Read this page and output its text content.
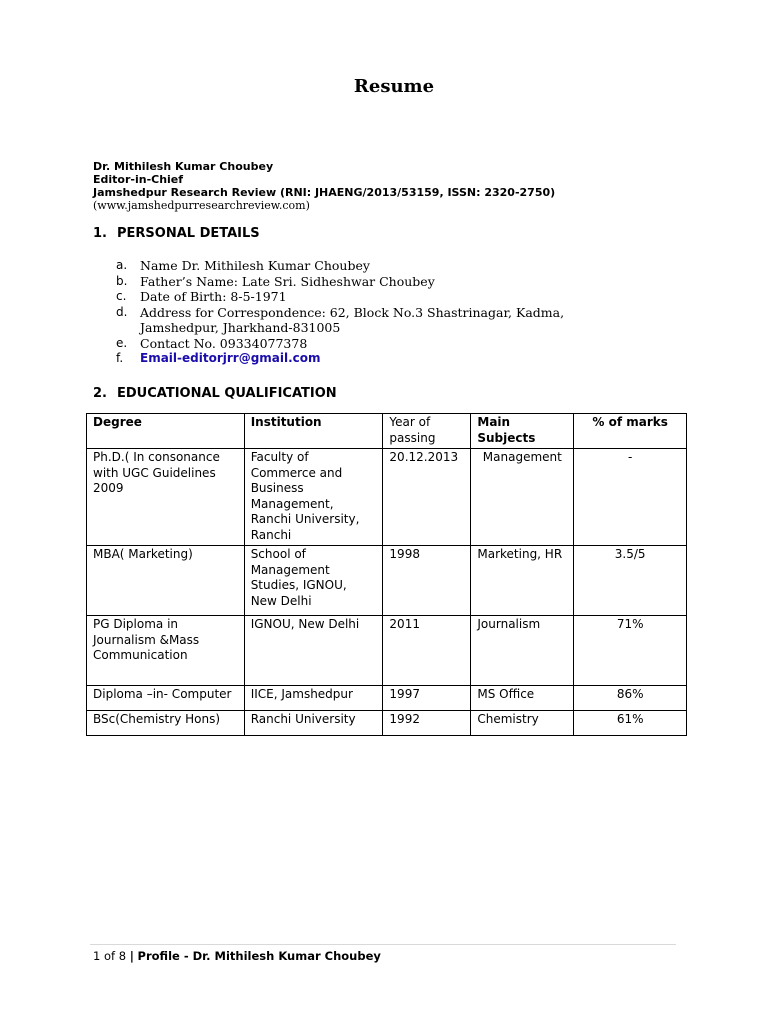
Resume
Dr. Mithilesh Kumar Choubey
Editor-in-Chief
Jamshedpur Research Review (RNI: JHAENG/2013/53159, ISSN: 2320-2750)
(www.jamshedpurresearchreview.com)
1. PERSONAL DETAILS
a.	Name Dr. Mithilesh Kumar Choubey
b.	Father’s Name: Late Sri. Sidheshwar Choubey
c.	Date of Birth: 8-5-1971
d.	Address for Correspondence: 62, Block No.3 Shastrinagar, Kadma, Jamshedpur, Jharkhand-831005
e.	Contact No. 09334077378
f.	Email-editorjrr@gmail.com
2. EDUCATIONAL QUALIFICATION
Degree	Institution	Year of passing	Main Subjects	% of marks
Ph.D.( In consonance with UGC Guidelines 2009	Faculty of Commerce and Business Management, Ranchi University, Ranchi	20.12.2013	Management	-
MBA( Marketing)	School of Management Studies, IGNOU, New Delhi	1998	Marketing, HR	3.5/5
PG Diploma in Journalism &Mass Communication	IGNOU, New Delhi	2011	Journalism	71%
Diploma –in- Computer	IICE, Jamshedpur	1997	MS Office	86%
BSc(Chemistry Hons)	Ranchi University	1992	Chemistry	61%
1 of 8 | Profile - Dr. Mithilesh Kumar Choubey
